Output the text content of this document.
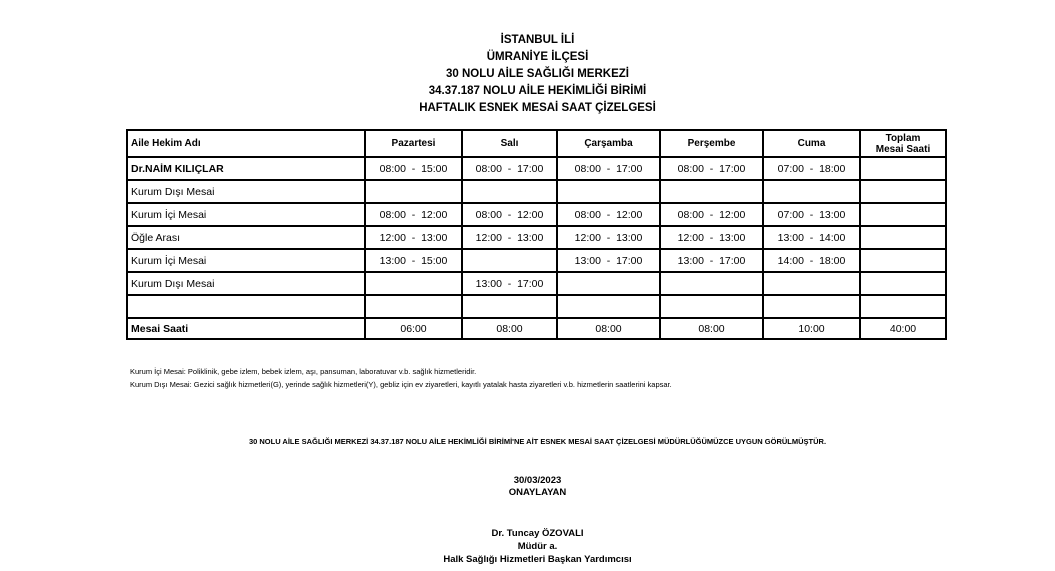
İSTANBUL İLİ
ÜMRANİYE İLÇESİ
30 NOLU AİLE SAĞLIĞI MERKEZİ
34.37.187 NOLU AİLE HEKİMLİĞİ BİRİMİ
HAFTALIK ESNEK MESAİ SAAT ÇİZELGESİ
Aile Hekim Adı	Pazartesi	Salı	Çarşamba	Perşembe	Cuma	Toplam
Mesai Saati

Dr.NAİM KILIÇLAR	08:00  -  15:00	08:00  -  17:00	08:00  -  17:00	08:00  -  17:00	07:00  -  18:00	
Kurum Dışı Mesai						
Kurum İçi Mesai	08:00  -  12:00	08:00  -  12:00	08:00  -  12:00	08:00  -  12:00	07:00  -  13:00	
Öğle Arası	12:00  -  13:00	12:00  -  13:00	12:00  -  13:00	12:00  -  13:00	13:00  -  14:00	
Kurum İçi Mesai	13:00  -  15:00		13:00  -  17:00	13:00  -  17:00	14:00  -  18:00	
Kurum Dışı Mesai		13:00  -  17:00				

Mesai Saati	06:00	08:00	08:00	08:00	10:00	40:00
Kurum İçi Mesai: Poliklinik, gebe izlem, bebek izlem, aşı, pansuman, laboratuvar v.b. sağlık hizmetleridir.
Kurum Dışı Mesai: Gezici sağlık hizmetleri(G), yerinde sağlık hizmetleri(Y), gebliz için ev ziyaretleri, kayıtlı yatalak hasta ziyaretleri v.b. hizmetlerin saatlerini kapsar.
30 NOLU AİLE SAĞLIĞI MERKEZİ 34.37.187 NOLU AİLE HEKİMLİĞİ BİRİMİ'NE AİT ESNEK MESAİ SAAT ÇİZELGESİ MÜDÜRLÜĞÜMÜZCE UYGUN GÖRÜLMÜŞTÜR.
30/03/2023
ONAYLAYAN
Dr. Tuncay ÖZOVALI
Müdür a.
Halk Sağlığı Hizmetleri Başkan Yardımcısı
